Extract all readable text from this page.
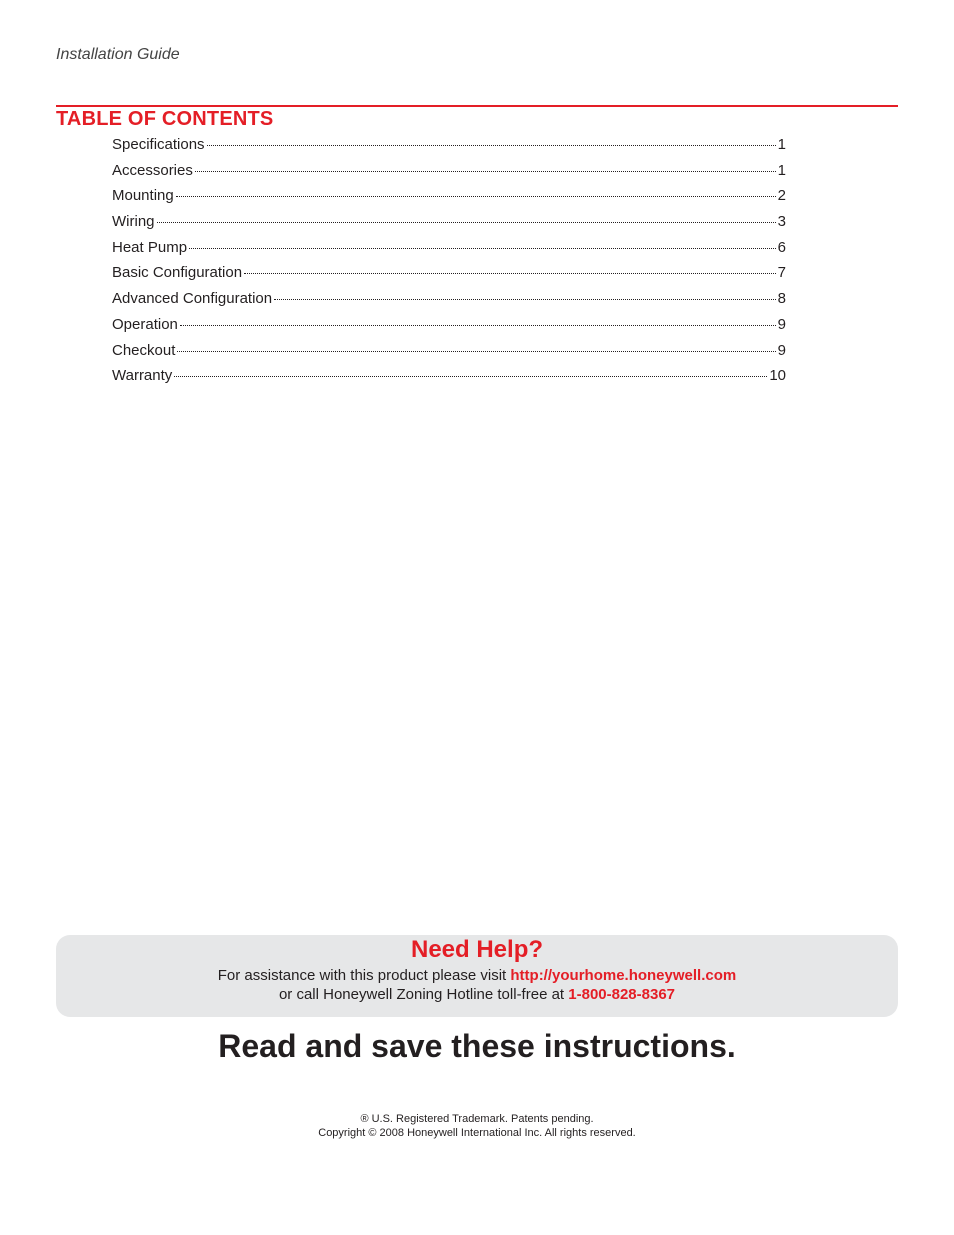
Installation Guide
TABLE OF CONTENTS
Specifications	1
Accessories	1
Mounting	2
Wiring	3
Heat Pump	6
Basic Configuration	7
Advanced Configuration	8
Operation	9
Checkout	9
Warranty	10
Need Help?
For assistance with this product please visit http://yourhome.honeywell.com
or call Honeywell Zoning Hotline toll-free at 1-800-828-8367
Read and save these instructions.
® U.S. Registered Trademark. Patents pending.
Copyright © 2008 Honeywell International Inc. All rights reserved.
